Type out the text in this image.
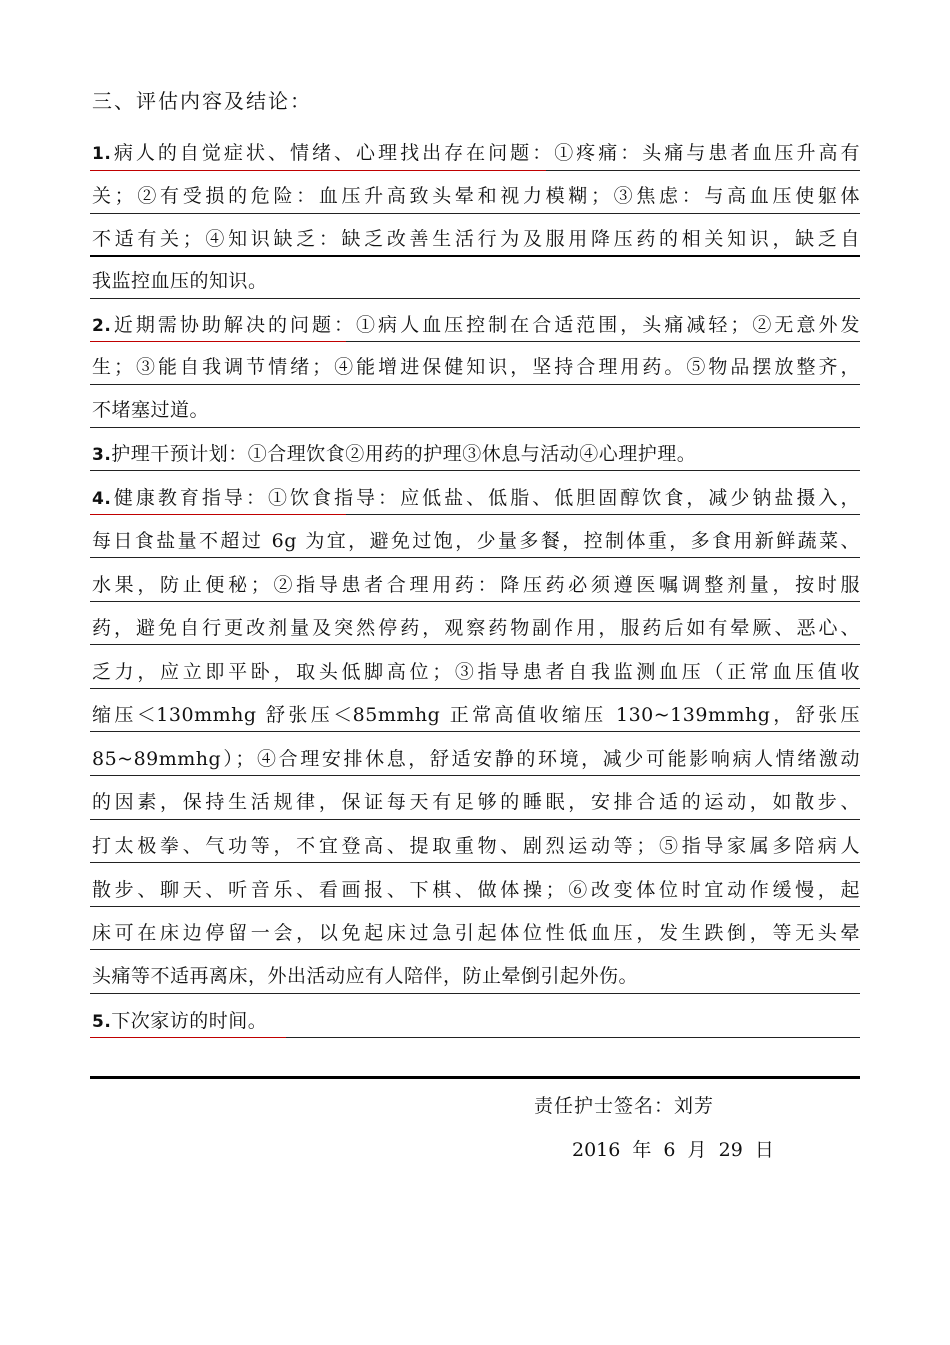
三、评估内容及结论：
1.病人的自觉症状、情绪、心理找出存在问题：①疼痛：头痛与患者血压升高有
关；②有受损的危险：血压升高致头晕和视力模糊；③焦虑：与高血压使躯体
不适有关；④知识缺乏：缺乏改善生活行为及服用降压药的相关知识，缺乏自
我监控血压的知识。
2.近期需协助解决的问题：①病人血压控制在合适范围，头痛减轻；②无意外发
生；③能自我调节情绪；④能增进保健知识，坚持合理用药。⑤物品摆放整齐，
不堵塞过道。
3.护理干预计划：①合理饮食②用药的护理③休息与活动④心理护理。
4.健康教育指导：①饮食指导：应低盐、低脂、低胆固醇饮食，减少钠盐摄入，
每日食盐量不超过 6g 为宜，避免过饱，少量多餐，控制体重，多食用新鲜蔬菜、
水果，防止便秘；②指导患者合理用药：降压药必须遵医嘱调整剂量，按时服
药，避免自行更改剂量及突然停药，观察药物副作用，服药后如有晕厥、恶心、
乏力，应立即平卧，取头低脚高位；③指导患者自我监测血压（正常血压值收
缩压＜130mmhg 舒张压＜85mmhg 正常高值收缩压 130~139mmhg，舒张压
85~89mmhg）；④合理安排休息，舒适安静的环境，减少可能影响病人情绪激动
的因素，保持生活规律，保证每天有足够的睡眠，安排合适的运动，如散步、
打太极拳、气功等，不宜登高、提取重物、剧烈运动等；⑤指导家属多陪病人
散步、聊天、听音乐、看画报、下棋、做体操；⑥改变体位时宜动作缓慢，起
床可在床边停留一会，以免起床过急引起体位性低血压，发生跌倒，等无头晕
头痛等不适再离床，外出活动应有人陪伴，防止晕倒引起外伤。
5.下次家访的时间。
责任护士签名：刘芳
2016 年 6 月 29 日
